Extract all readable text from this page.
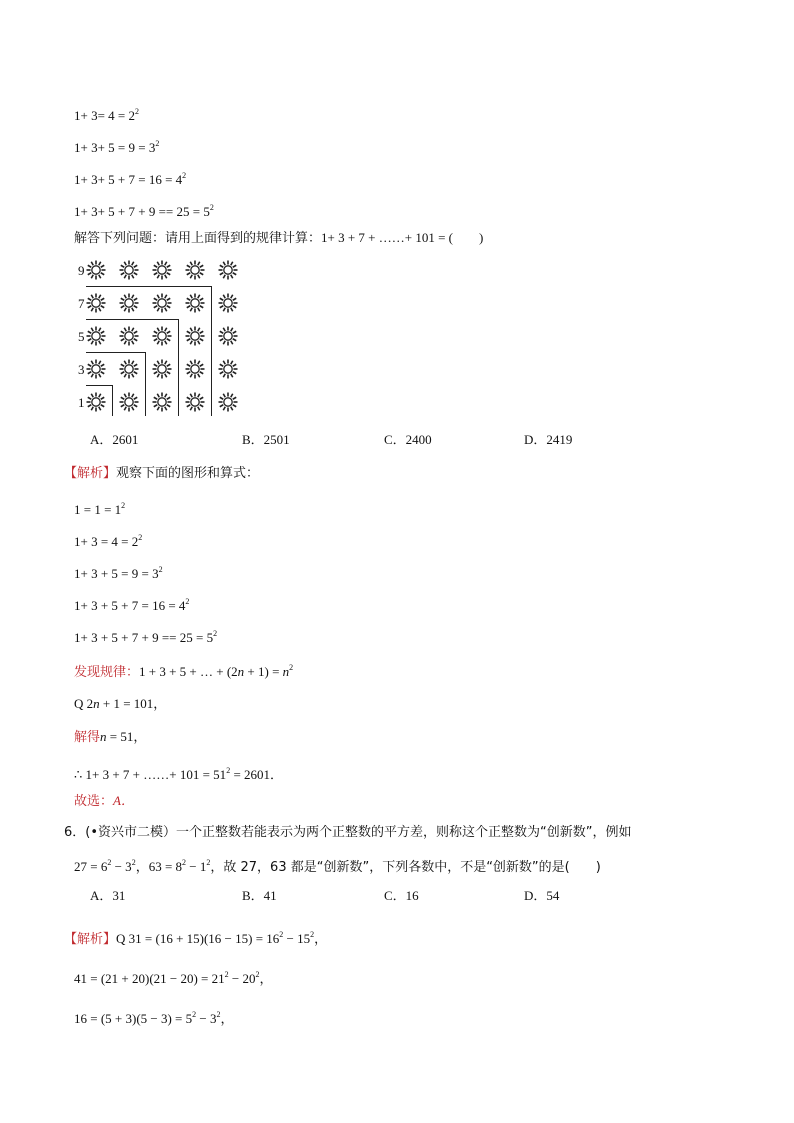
$1+ 3= 4 = 2^2$
$1+ 3+ 5 = 9 = 3^2$
$1+ 3+ 5 + 7 = 16 = 4^2$
$1+ 3+ 5 + 7 + 9 == 25 = 5^2$
解答下列问题：请用上面得到的规律计算：1+ 3 + 7 + ……+ 101 = (　　)
9
7
5
3
1
A．2601	B．2501	C．2400	D．2419
【解析】观察下面的图形和算式：
$1 = 1 = 1^2$
$1+ 3 = 4 = 2^2$
$1+ 3 + 5 = 9 = 3^2$
$1+ 3 + 5 + 7 = 16 = 4^2$
$1+ 3 + 5 + 7 + 9 == 25 = 5^2$
发现规律：1 + 3 + 5 + … + $(2n + 1) = n^2$
Q 2n + 1 = 101，
解得n = 51，
∴ 1+ 3 + 7 + ……+ $101 = 51^2 = 2601$．
故选：A．
6．(•资兴市二模）一个正整数若能表示为两个正整数的平方差，则称这个正整数为“创新数”，例如
$27 = 6^2 - 3^2$，$63 = 8^2 - 1^2$，故 27，63 都是“创新数”，下列各数中，不是“创新数”的是(　　)
A．31	B．41	C．16	D．54
【解析】Q $31 = (16 + 15)(16 - 15) = 16^2 - 15^2$，
$41 = (21 + 20)(21 - 20) = 21^2 - 20^2$，
$16 = (5 + 3)(5 - 3) = 5^2 - 3^2$，
